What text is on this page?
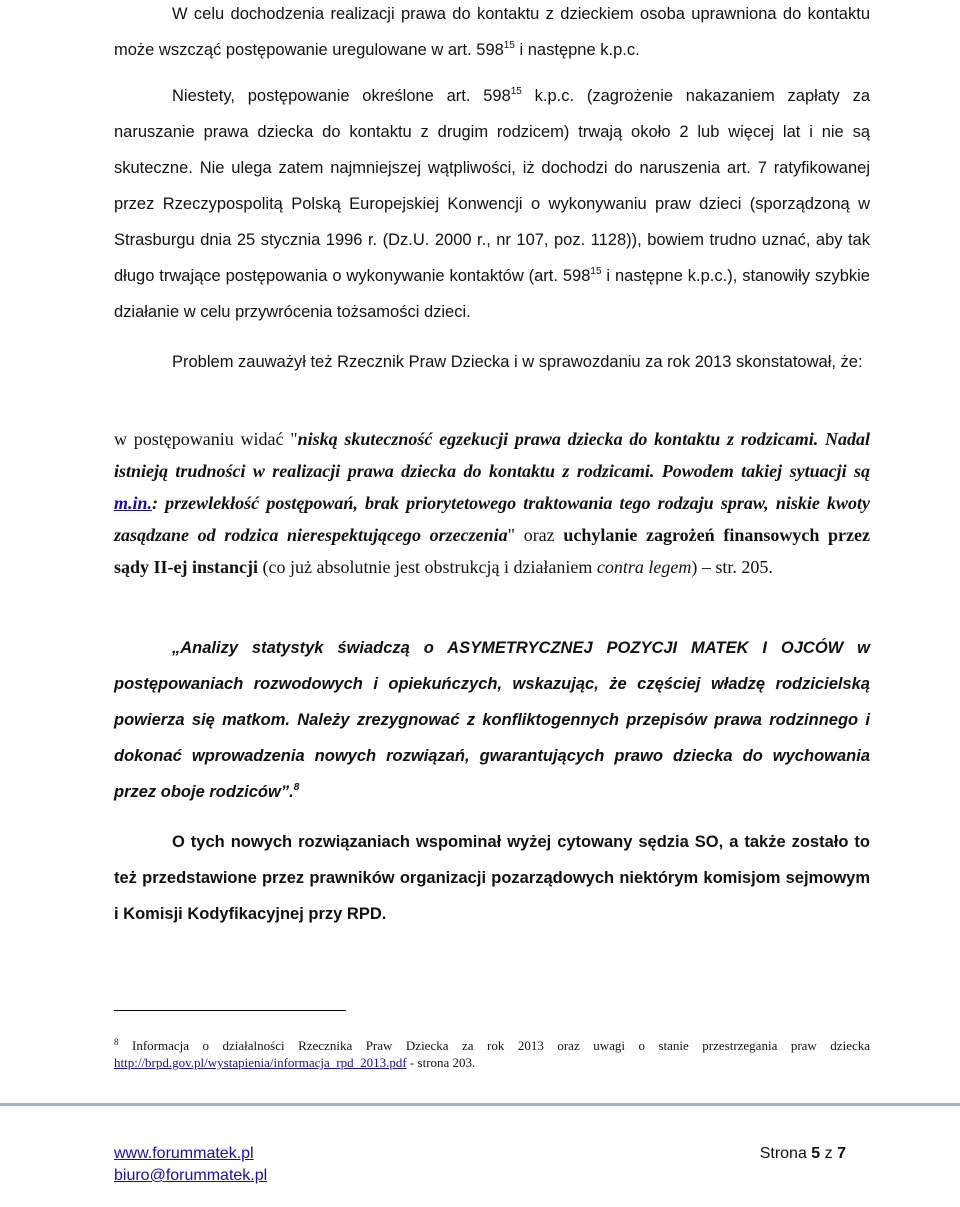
W celu dochodzenia realizacji prawa do kontaktu z dzieckiem osoba uprawniona do kontaktu może wszcząć postępowanie uregulowane w art. $598^{15}$ i następne k.p.c.

Niestety, postępowanie określone art. $598^{15}$ k.p.c. (zagrożenie nakazaniem zapłaty za naruszanie prawa dziecka do kontaktu z drugim rodzicem) trwają około 2 lub więcej lat i nie są skuteczne. Nie ulega zatem najmniejszej wątpliwości, iż dochodzi do naruszenia art. 7 ratyfikowanej przez Rzeczypospolitą Polską Europejskiej Konwencji o wykonywaniu praw dzieci (sporządzoną w Strasburgu dnia 25 stycznia 1996 r. (Dz.U. 2000 r., nr 107, poz. 1128)), bowiem trudno uznać, aby tak długo trwające postępowania o wykonywanie kontaktów (art. $598^{15}$ i następne k.p.c.), stanowiły szybkie działanie w celu przywrócenia tożsamości dzieci.

Problem zauważył też Rzecznik Praw Dziecka i w sprawozdaniu za rok 2013 skonstatował, że:

w postępowaniu widać "niską skuteczność egzekucji prawa dziecka do kontaktu z rodzicami. Nadal istnieją trudności w realizacji prawa dziecka do kontaktu z rodzicami. Powodem takiej sytuacji są m.in.: przewlekłość postępowań, brak priorytetowego traktowania tego rodzaju spraw, niskie kwoty zasądzane od rodzica nierespektującego orzeczenia" oraz uchylanie zagrożeń finansowych przez sądy II-ej instancji (co już absolutnie jest obstrukcją i działaniem contra legem) – str. 205.

„Analizy statystyk świadczą o ASYMETRYCZNEJ POZYCJI MATEK I OJCÓW w postępowaniach rozwodowych i opiekuńczych, wskazując, że częściej władzę rodzicielską powierza się matkom. Należy zrezygnować z konfliktogennych przepisów prawa rodzinnego i dokonać wprowadzenia nowych rozwiązań, gwarantujących prawo dziecka do wychowania przez oboje rodziców”.$^8$

O tych nowych rozwiązaniach wspominał wyżej cytowany sędzia SO, a także zostało to też przedstawione przez prawników organizacji pozarządowych niektórym komisjom sejmowym i Komisji Kodyfikacyjnej przy RPD.

$^8$ Informacja o działalności Rzecznika Praw Dziecka za rok 2013 oraz uwagi o stanie przestrzegania praw dziecka http://brpd.gov.pl/wystapienia/informacja_rpd_2013.pdf - strona 203.

www.forummatek.pl
biuro@forummatek.pl
Strona 5 z 7
